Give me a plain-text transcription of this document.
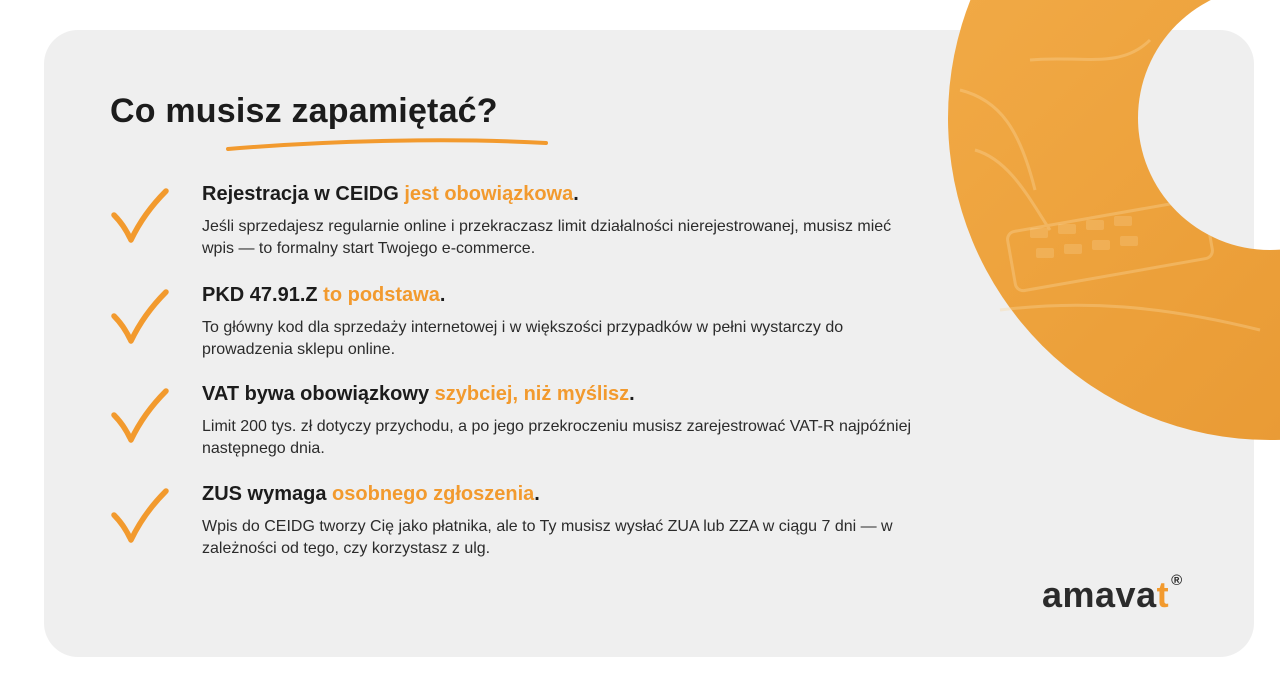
Co musisz zapamiętać?

Rejestracja w CEIDG jest obowiązkowa.

Jeśli sprzedajesz regularnie online i przekraczasz limit działalności nierejestrowanej, musisz mieć wpis — to formalny start Twojego e-commerce.

PKD 47.91.Z to podstawa.

To główny kod dla sprzedaży internetowej i w większości przypadków w pełni wystarczy do prowadzenia sklepu online.

VAT bywa obowiązkowy szybciej, niż myślisz.

Limit 200 tys. zł dotyczy przychodu, a po jego przekroczeniu musisz zarejestrować VAT-R najpóźniej następnego dnia.

ZUS wymaga osobnego zgłoszenia.

Wpis do CEIDG tworzy Cię jako płatnika, ale to Ty musisz wysłać ZUA lub ZZA w ciągu 7 dni — w zależności od tego, czy korzystasz z ulg.

amavat ®
